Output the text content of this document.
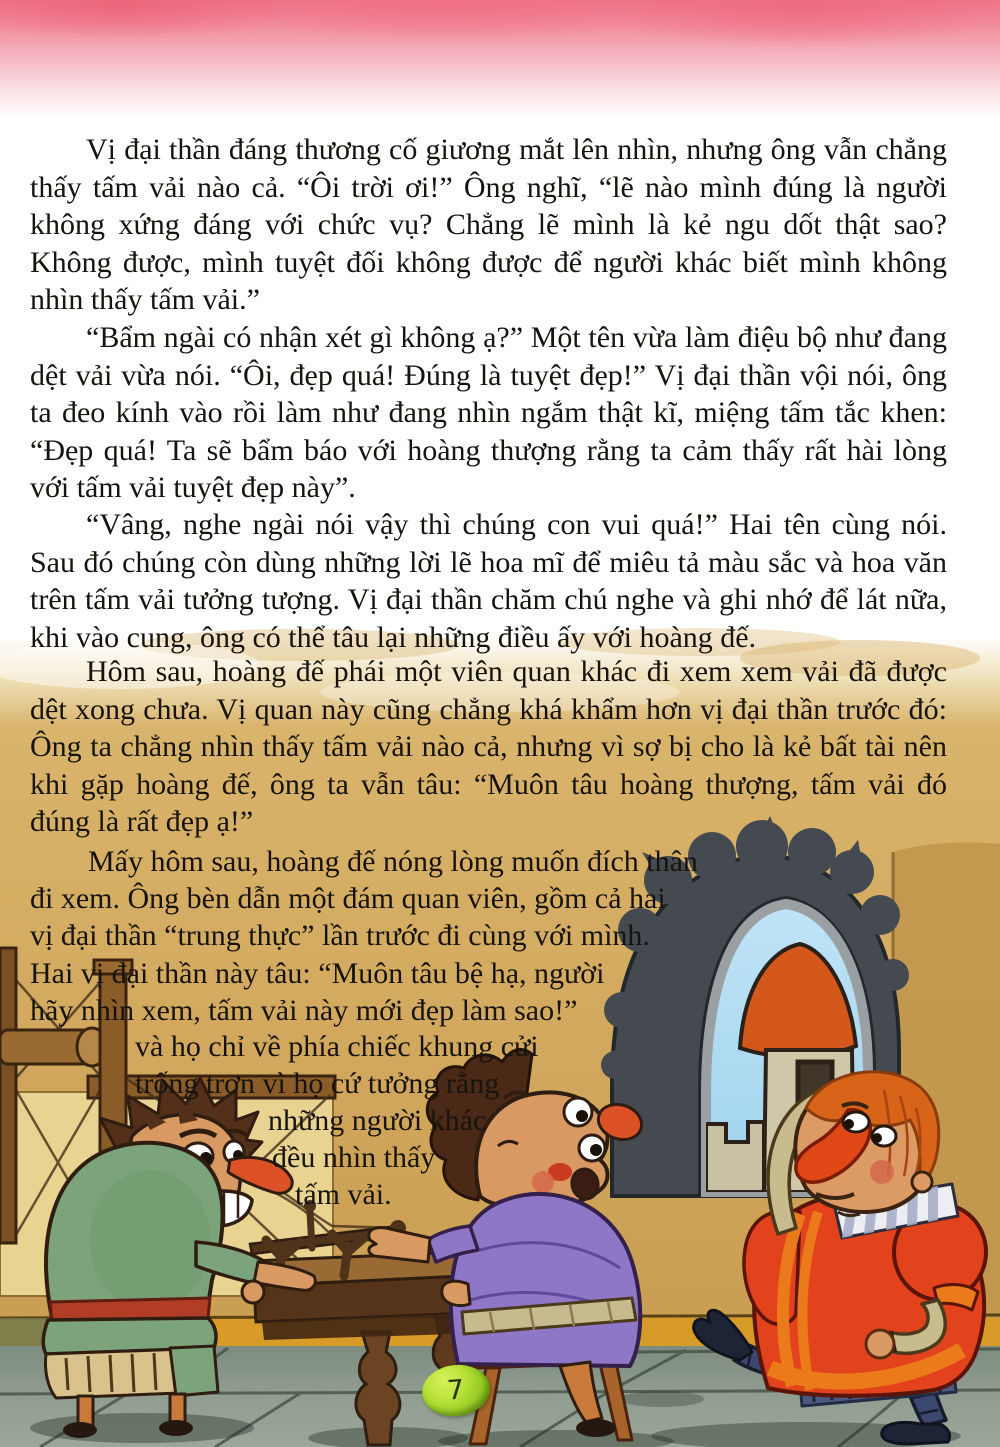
Vị đại thần đáng thương cố giương mắt lên nhìn, nhưng ông vẫn chẳng thấy tấm vải nào cả. “Ôi trời ơi!” Ông nghĩ, “lẽ nào mình đúng là người không xứng đáng với chức vụ? Chẳng lẽ mình là kẻ ngu dốt thật sao? Không được, mình tuyệt đối không được để người khác biết mình không nhìn thấy tấm vải.”

“Bẩm ngài có nhận xét gì không ạ?” Một tên vừa làm điệu bộ như đang dệt vải vừa nói. “Ôi, đẹp quá! Đúng là tuyệt đẹp!” Vị đại thần vội nói, ông ta đeo kính vào rồi làm như đang nhìn ngắm thật kĩ, miệng tấm tắc khen: “Đẹp quá! Ta sẽ bẩm báo với hoàng thượng rằng ta cảm thấy rất hài lòng với tấm vải tuyệt đẹp này”.

“Vâng, nghe ngài nói vậy thì chúng con vui quá!” Hai tên cùng nói. Sau đó chúng còn dùng những lời lẽ hoa mĩ để miêu tả màu sắc và hoa văn trên tấm vải tưởng tượng. Vị đại thần chăm chú nghe và ghi nhớ để lát nữa, khi vào cung, ông có thể tâu lại những điều ấy với hoàng đế.

Hôm sau, hoàng đế phái một viên quan khác đi xem xem vải đã được dệt xong chưa. Vị quan này cũng chẳng khá khẩm hơn vị đại thần trước đó: Ông ta chẳng nhìn thấy tấm vải nào cả, nhưng vì sợ bị cho là kẻ bất tài nên khi gặp hoàng đế, ông ta vẫn tâu: “Muôn tâu hoàng thượng, tấm vải đó đúng là rất đẹp ạ!”

Mấy hôm sau, hoàng đế nóng lòng muốn đích thân
đi xem. Ông bèn dẫn một đám quan viên, gồm cả hai
vị đại thần “trung thực” lần trước đi cùng với mình.
Hai vị đại thần này tâu: “Muôn tâu bệ hạ, người
hãy nhìn xem, tấm vải này mới đẹp làm sao!”
và họ chỉ về phía chiếc khung cửi
trống trơn vì họ cứ tưởng rằng
những người khác
đều nhìn thấy
tấm vải.
7
